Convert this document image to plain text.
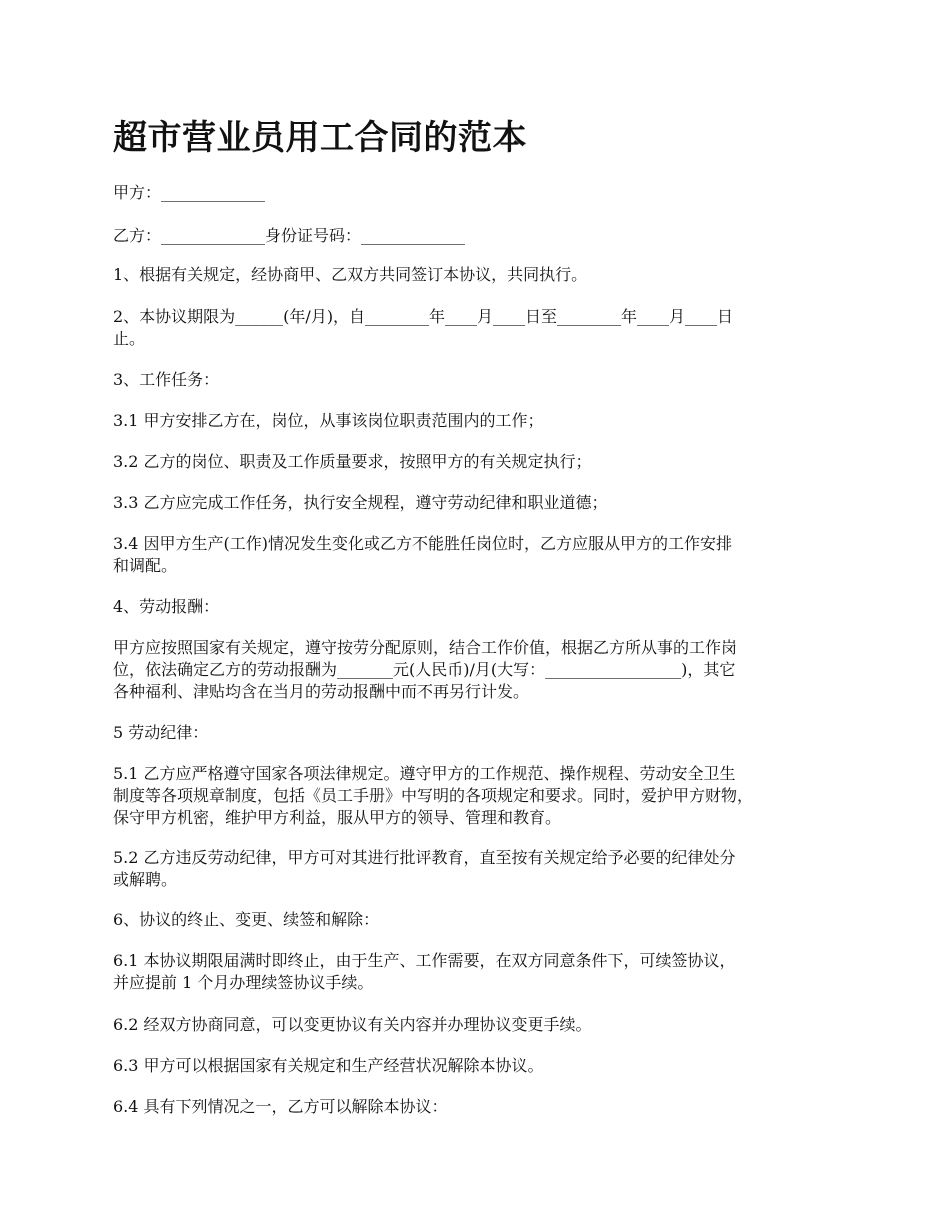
超市营业员用工合同的范本

甲方：_____________

乙方：_____________身份证号码：_____________

1、根据有关规定，经协商甲、乙双方共同签订本协议，共同执行。

2、本协议期限为______(年/月)，自________年____月____日至________年____月____日
止。

3、工作任务：

3.1 甲方安排乙方在，岗位，从事该岗位职责范围内的工作；

3.2 乙方的岗位、职责及工作质量要求，按照甲方的有关规定执行；

3.3 乙方应完成工作任务，执行安全规程，遵守劳动纪律和职业道德；

3.4 因甲方生产(工作)情况发生变化或乙方不能胜任岗位时，乙方应服从甲方的工作安排
和调配。

4、劳动报酬：

甲方应按照国家有关规定，遵守按劳分配原则，结合工作价值，根据乙方所从事的工作岗
位，依法确定乙方的劳动报酬为_______元(人民币)/月(大写：_________________)，其它
各种福利、津贴均含在当月的劳动报酬中而不再另行计发。

5 劳动纪律：

5.1 乙方应严格遵守国家各项法律规定。遵守甲方的工作规范、操作规程、劳动安全卫生
制度等各项规章制度，包括《员工手册》中写明的各项规定和要求。同时，爱护甲方财物，
保守甲方机密，维护甲方利益，服从甲方的领导、管理和教育。

5.2 乙方违反劳动纪律，甲方可对其进行批评教育，直至按有关规定给予必要的纪律处分
或解聘。

6、协议的终止、变更、续签和解除：

6.1 本协议期限届满时即终止，由于生产、工作需要，在双方同意条件下，可续签协议，
并应提前 1 个月办理续签协议手续。

6.2 经双方协商同意，可以变更协议有关内容并办理协议变更手续。

6.3 甲方可以根据国家有关规定和生产经营状况解除本协议。

6.4 具有下列情况之一，乙方可以解除本协议：
